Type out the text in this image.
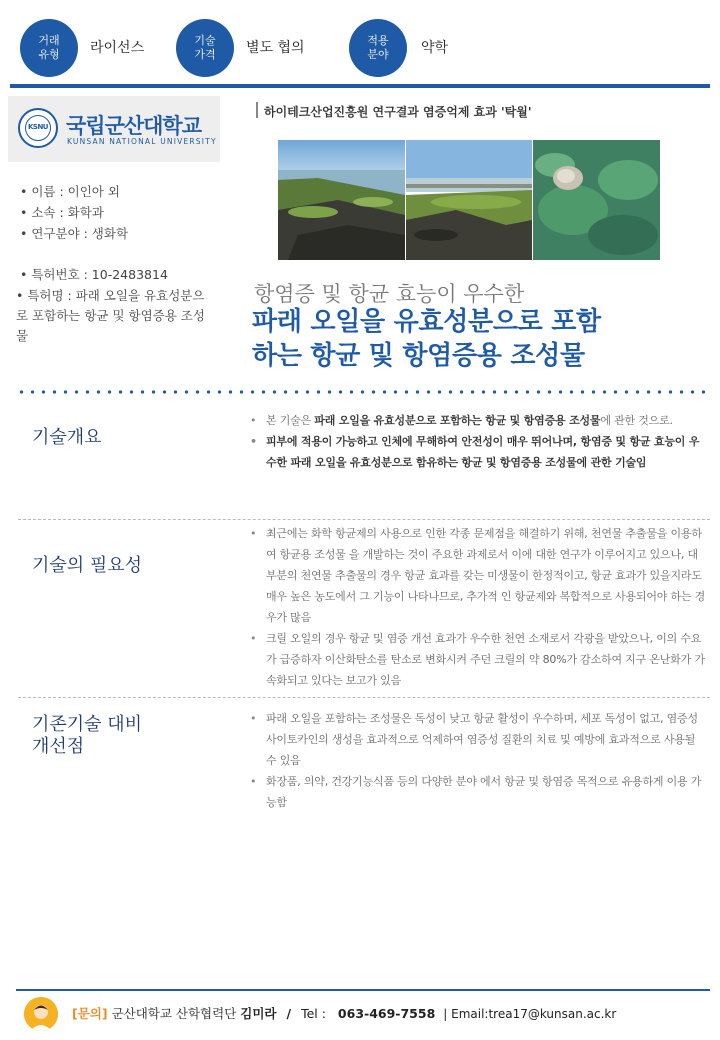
거래
유형 라이선스	기술
가격 별도 협의	적용
분야 약학
KSNU 국립군산대학교
KUNSAN NATIONAL UNIVERSITY
• 이름 : 이인아 외
• 소속 : 화학과
• 연구분야 : 생화학
• 특허번호 : 10-2483814
• 특허명 : 파래 오일을 유효성분으로 포함하는 항균 및 항염증용 조성물
하이테크산업진흥원 연구결과 염증억제 효과 '탁월'
항염증 및 항균 효능이 우수한
파래 오일을 유효성분으로 포함
하는 항균 및 항염증용 조성물
기술개요
• 본 기술은 파래 오일을 유효성분으로 포함하는 항균 및 항염증용 조성물에 관한 것으로.
• 피부에 적용이 가능하고 인체에 무해하여 안전성이 매우 뛰어나며, 항염증 및 항균 효능이 우수한 파래 오일을 유효성분으로 함유하는 항균 및 항염증용 조성물에 관한 기술임
기술의 필요성
• 최근에는 화학 항균제의 사용으로 인한 각종 문제점을 해결하기 위해, 천연물 추출물을 이용하여 항균용 조성물 을 개발하는 것이 주요한 과제로서 이에 대한 연구가 이루어지고 있으나, 대부분의 천연물 추출물의 경우 항균 효과를 갖는 미생물이 한정적이고, 항균 효과가 있을지라도 매우 높은 농도에서 그 기능이 나타나므로, 추가적 인 항균제와 복합적으로 사용되어야 하는 경우가 많음
• 크릴 오일의 경우 항균 및 염증 개선 효과가 우수한 천연 소재로서 각광을 받았으나, 이의 수요가 급증하자 이산화탄소를 탄소로 변화시켜 주던 크릴의 약 80%가 감소하여 지구 온난화가 가속화되고 있다는 보고가 있음
기존기술 대비
개선점
• 파래 오일을 포함하는 조성물은 독성이 낮고 항균 활성이 우수하며, 세포 독성이 없고, 염증성 사이토카인의 생성을 효과적으로 억제하여 염증성 질환의 치료 및 예방에 효과적으로 사용될 수 있음
• 화장품, 의약, 건강기능식품 등의 다양한 분야 에서 항균 및 항염증 목적으로 유용하게 이용 가능함
[문의] 군산대학교 산학협력단 김미라 / Tel : 063-469-7558 | Email:trea17@kunsan.ac.kr
